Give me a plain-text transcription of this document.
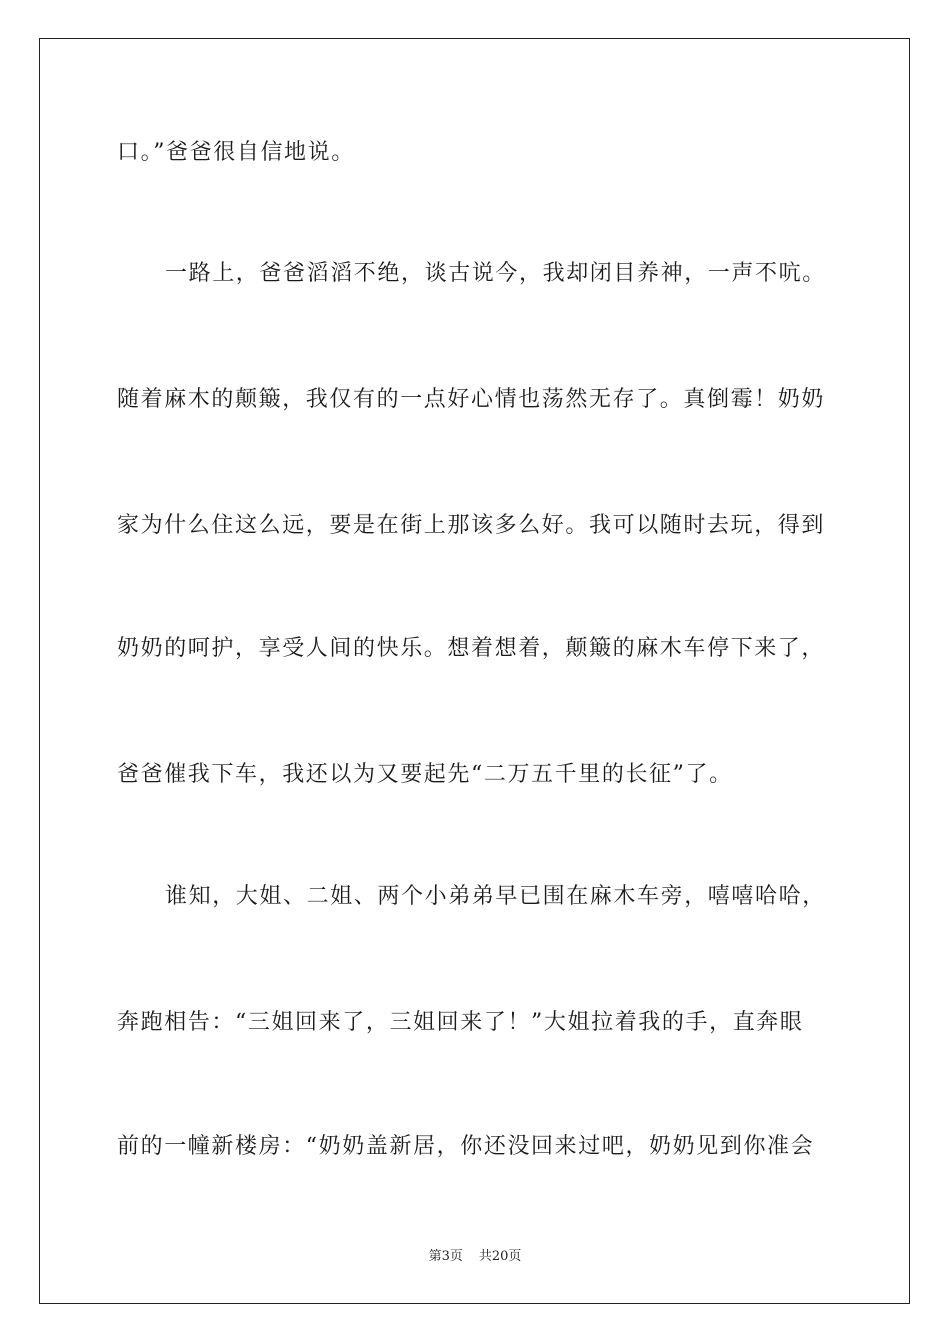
口。”爸爸很自信地说。
一路上，爸爸滔滔不绝，谈古说今，我却闭目养神，一声不吭。
随着麻木的颠簸，我仅有的一点好心情也荡然无存了。真倒霉！奶奶
家为什么住这么远，要是在街上那该多么好。我可以随时去玩，得到
奶奶的呵护，享受人间的快乐。想着想着，颠簸的麻木车停下来了，
爸爸催我下车，我还以为又要起先“二万五千里的长征”了。
谁知，大姐、二姐、两个小弟弟早已围在麻木车旁，嘻嘻哈哈，
奔跑相告：“三姐回来了，三姐回来了！”大姐拉着我的手，直奔眼
前的一幢新楼房：“奶奶盖新居，你还没回来过吧，奶奶见到你准会
第3页 共20页
